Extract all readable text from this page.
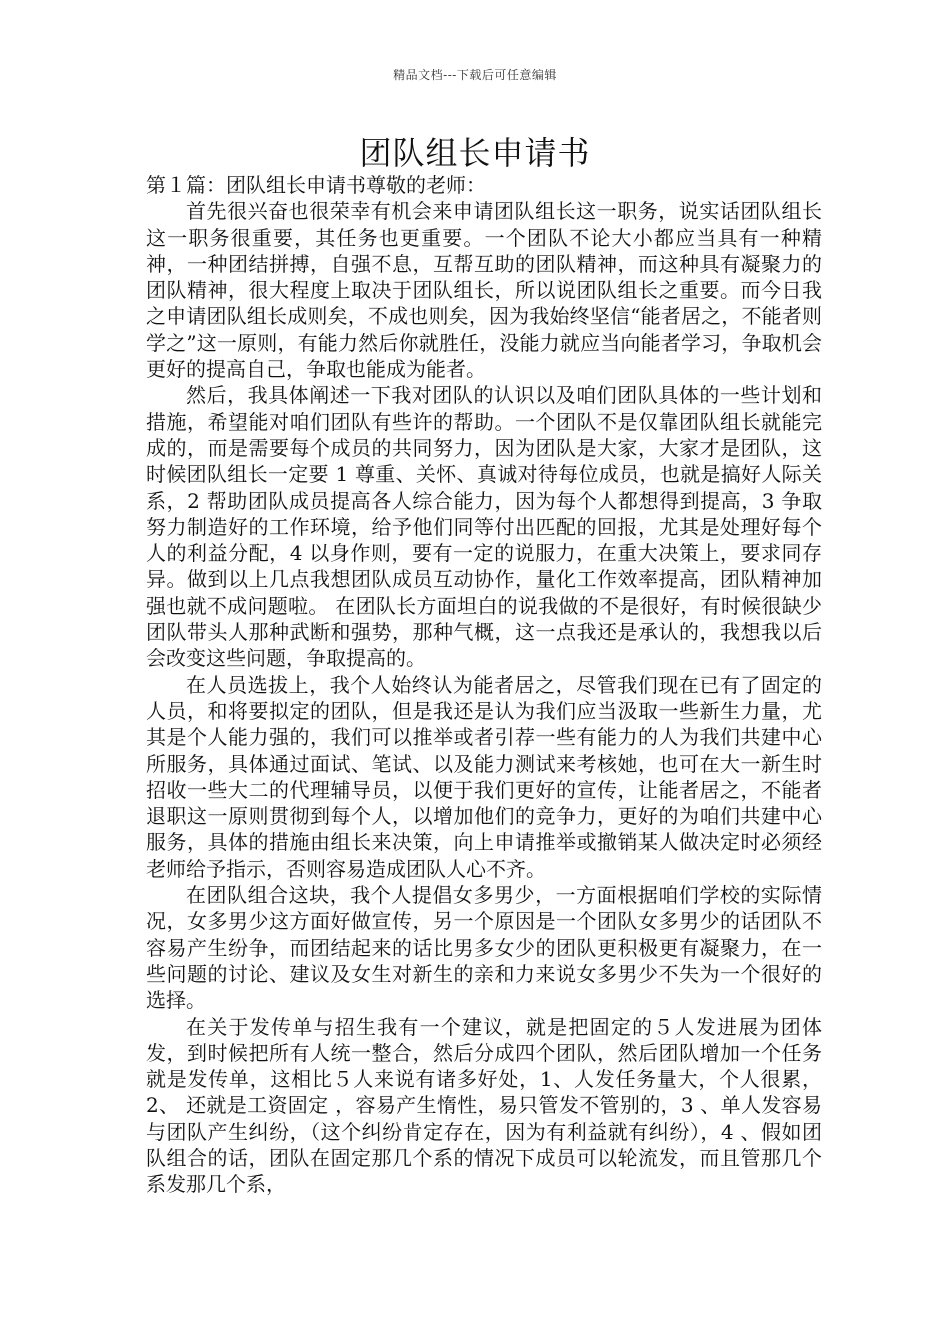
精品文档---下载后可任意编辑
团队组长申请书

第１篇：团队组长申请书尊敬的老师：

首先很兴奋也很荣幸有机会来申请团队组长这一职务，说实话团队组长这一职务很重要，其任务也更重要。一个团队不论大小都应当具有一种精神，一种团结拼搏，自强不息，互帮互助的团队精神，而这种具有凝聚力的团队精神，很大程度上取决于团队组长，所以说团队组长之重要。而今日我之申请团队组长成则矣，不成也则矣，因为我始终坚信“能者居之，不能者则学之”这一原则，有能力然后你就胜任，没能力就应当向能者学习，争取机会更好的提高自己，争取也能成为能者。

然后，我具体阐述一下我对团队的认识以及咱们团队具体的一些计划和措施，希望能对咱们团队有些许的帮助。一个团队不是仅靠团队组长就能完成的，而是需要每个成员的共同努力，因为团队是大家，大家才是团队，这时候团队组长一定要 1 尊重、关怀、真诚对待每位成员，也就是搞好人际关系，2 帮助团队成员提高各人综合能力，因为每个人都想得到提高，3 争取努力制造好的工作环境，给予他们同等付出匹配的回报，尤其是处理好每个人的利益分配，4 以身作则，要有一定的说服力，在重大决策上，要求同存异。做到以上几点我想团队成员互动协作，量化工作效率提高，团队精神加强也就不成问题啦。 在团队长方面坦白的说我做的不是很好，有时候很缺少团队带头人那种武断和强势，那种气概，这一点我还是承认的，我想我以后会改变这些问题，争取提高的。

在人员选拔上，我个人始终认为能者居之，尽管我们现在已有了固定的人员，和将要拟定的团队，但是我还是认为我们应当汲取一些新生力量，尤其是个人能力强的，我们可以推举或者引荐一些有能力的人为我们共建中心所服务，具体通过面试、笔试、以及能力测试来考核她，也可在大一新生时招收一些大二的代理辅导员，以便于我们更好的宣传，让能者居之，不能者退职这一原则贯彻到每个人，以增加他们的竞争力，更好的为咱们共建中心服务，具体的措施由组长来决策，向上申请推举或撤销某人做决定时必须经老师给予指示，否则容易造成团队人心不齐。

在团队组合这块，我个人提倡女多男少，一方面根据咱们学校的实际情况，女多男少这方面好做宣传，另一个原因是一个团队女多男少的话团队不容易产生纷争，而团结起来的话比男多女少的团队更积极更有凝聚力，在一些问题的讨论、建议及女生对新生的亲和力来说女多男少不失为一个很好的选择。

在关于发传单与招生我有一个建议，就是把固定的５人发进展为团体发，到时候把所有人统一整合，然后分成四个团队，然后团队增加一个任务就是发传单，这相比５人来说有诸多好处，1、人发任务量大，个人很累，2、 还就是工资固定 ，容易产生惰性，易只管发不管别的，3 、单人发容易与团队产生纠纷，（这个纠纷肯定存在，因为有利益就有纠纷），4 、假如团队组合的话，团队在固定那几个系的情况下成员可以轮流发，而且管那几个系发那几个系，
